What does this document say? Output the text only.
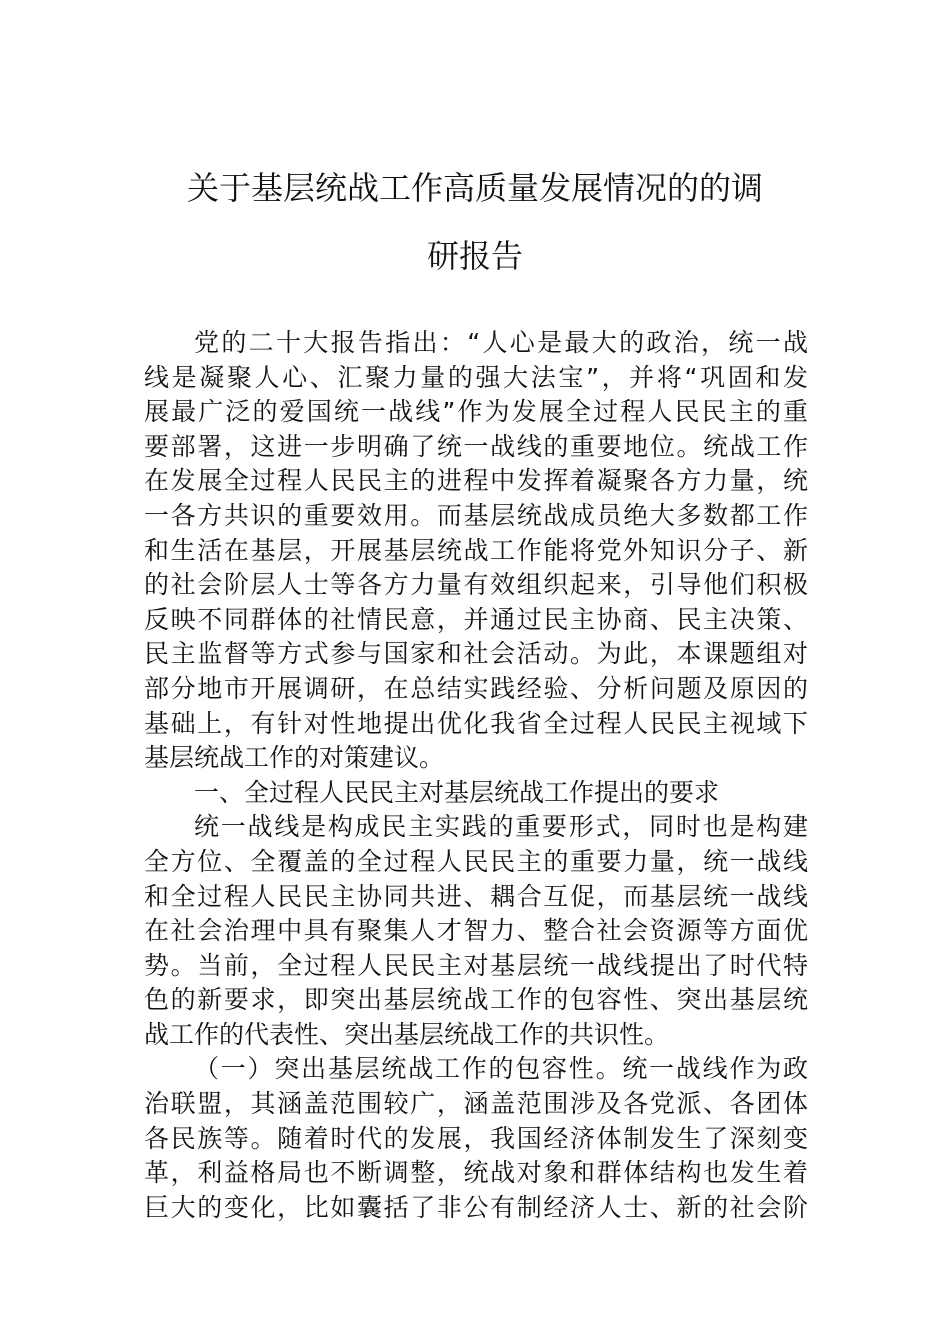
关于基层统战工作高质量发展情况的的调
研报告
党的二十大报告指出：“人心是最大的政治，统一战
线是凝聚人心、汇聚力量的强大法宝”，并将“巩固和发
展最广泛的爱国统一战线”作为发展全过程人民民主的重
要部署，这进一步明确了统一战线的重要地位。统战工作
在发展全过程人民民主的进程中发挥着凝聚各方力量，统
一各方共识的重要效用。而基层统战成员绝大多数都工作
和生活在基层，开展基层统战工作能将党外知识分子、新
的社会阶层人士等各方力量有效组织起来，引导他们积极
反映不同群体的社情民意，并通过民主协商、民主决策、
民主监督等方式参与国家和社会活动。为此，本课题组对
部分地市开展调研，在总结实践经验、分析问题及原因的
基础上，有针对性地提出优化我省全过程人民民主视域下
基层统战工作的对策建议。
一、全过程人民民主对基层统战工作提出的要求
统一战线是构成民主实践的重要形式，同时也是构建
全方位、全覆盖的全过程人民民主的重要力量，统一战线
和全过程人民民主协同共进、耦合互促，而基层统一战线
在社会治理中具有聚集人才智力、整合社会资源等方面优
势。当前，全过程人民民主对基层统一战线提出了时代特
色的新要求，即突出基层统战工作的包容性、突出基层统
战工作的代表性、突出基层统战工作的共识性。
（一）突出基层统战工作的包容性。统一战线作为政
治联盟，其涵盖范围较广，涵盖范围涉及各党派、各团体
各民族等。随着时代的发展，我国经济体制发生了深刻变
革，利益格局也不断调整，统战对象和群体结构也发生着
巨大的变化，比如囊括了非公有制经济人士、新的社会阶
